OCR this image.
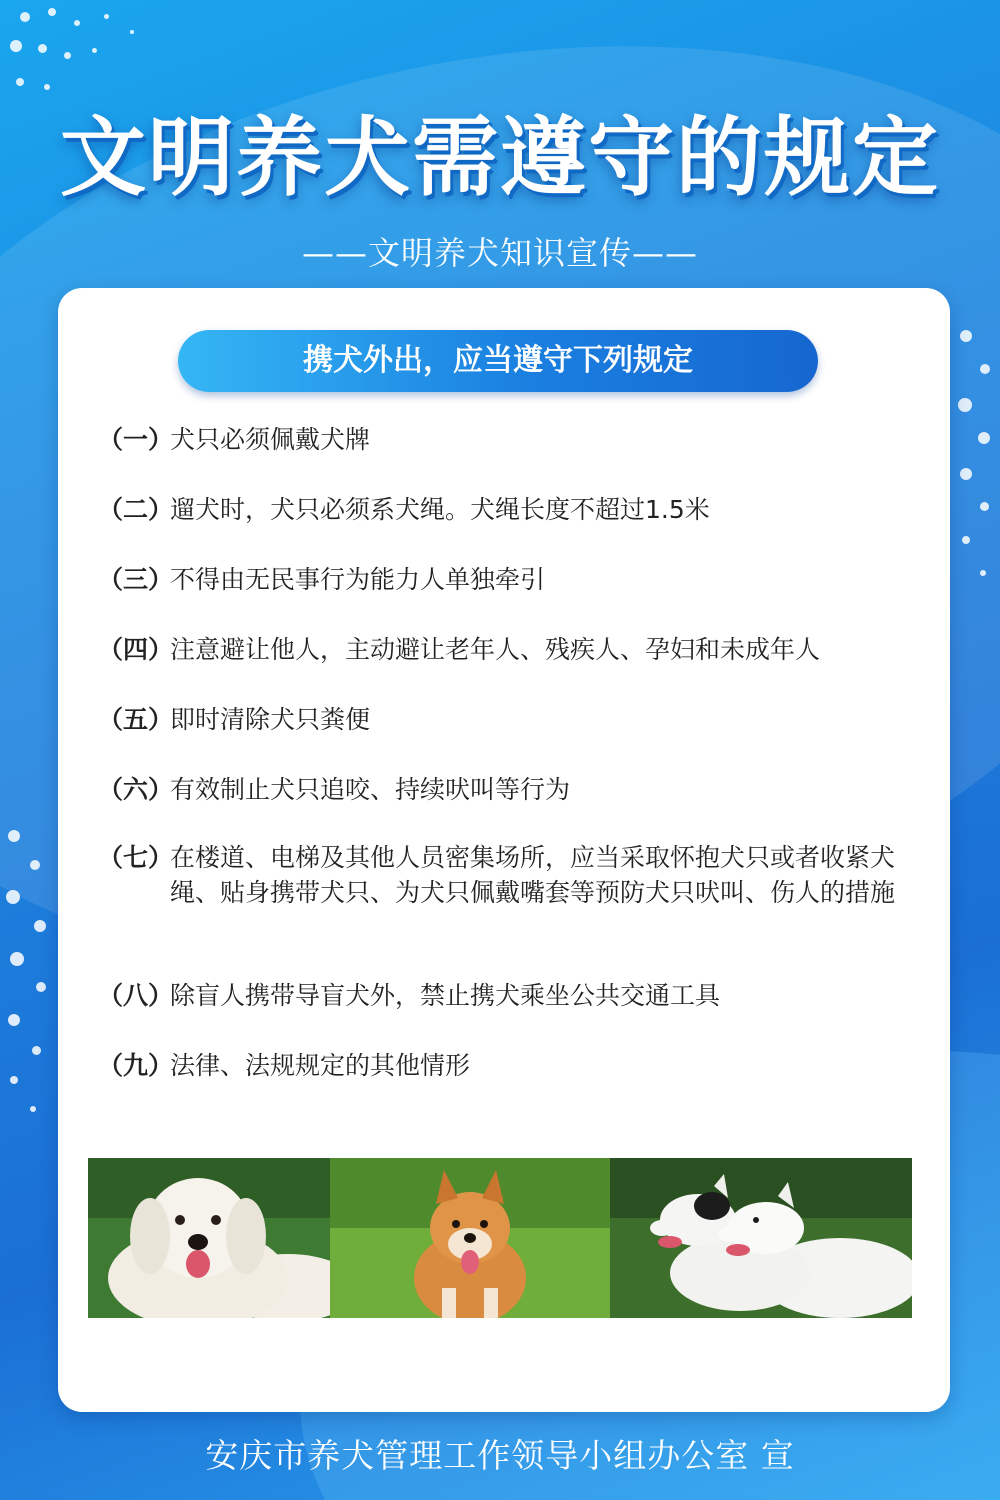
文明养犬需遵守的规定
——文明养犬知识宣传——
携犬外出，应当遵守下列规定
（一）
犬只必须佩戴犬牌
（二）
遛犬时，犬只必须系犬绳。犬绳长度不超过1.5米
（三）
不得由无民事行为能力人单独牵引
（四）
注意避让他人，主动避让老年人、残疾人、孕妇和未成年人
（五）
即时清除犬只粪便
（六）
有效制止犬只追咬、持续吠叫等行为
（七）
在楼道、电梯及其他人员密集场所，应当采取怀抱犬只或者收紧犬绳、贴身携带犬只、为犬只佩戴嘴套等预防犬只吠叫、伤人的措施
（八）
除盲人携带导盲犬外，禁止携犬乘坐公共交通工具
（九）
法律、法规规定的其他情形
安庆市养犬管理工作领导小组办公室 宣
